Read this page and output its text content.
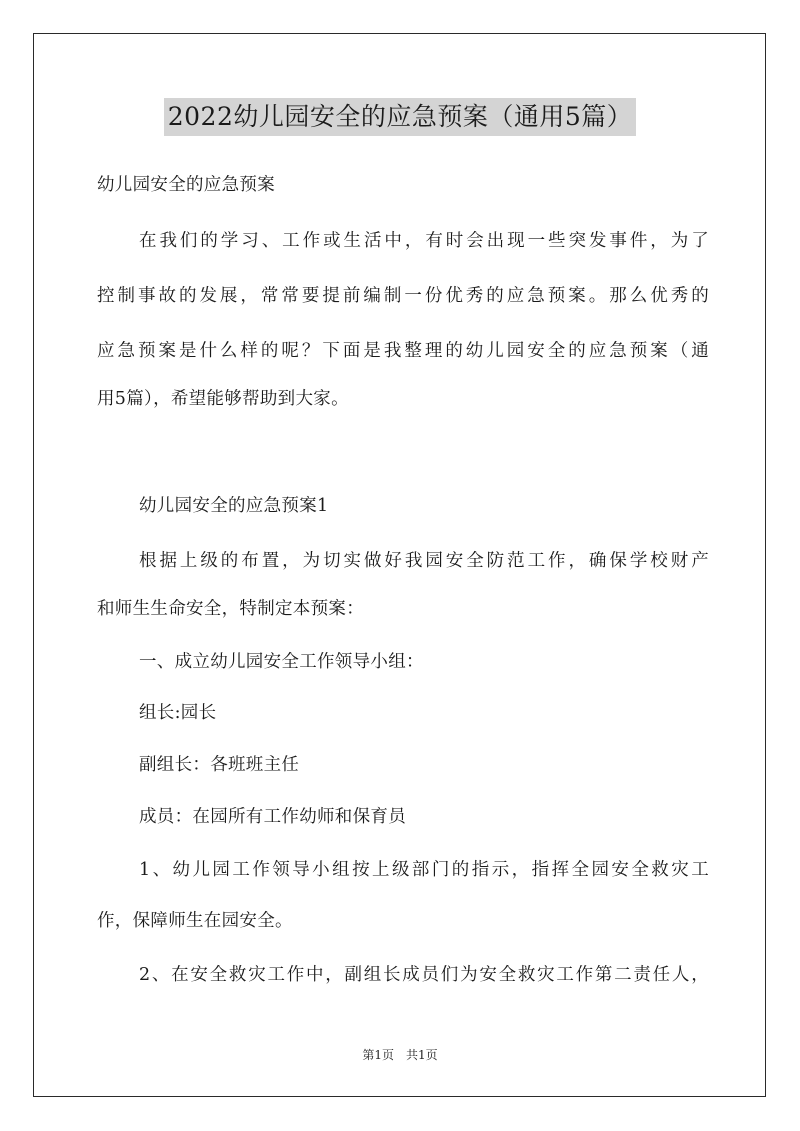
2022幼儿园安全的应急预案（通用5篇）
幼儿园安全的应急预案
在我们的学习、工作或生活中，有时会出现一些突发事件，为了
控制事故的发展，常常要提前编制一份优秀的应急预案。那么优秀的
应急预案是什么样的呢？下面是我整理的幼儿园安全的应急预案（通
用5篇），希望能够帮助到大家。
幼儿园安全的应急预案1
根据上级的布置，为切实做好我园安全防范工作，确保学校财产
和师生生命安全，特制定本预案：
一、成立幼儿园安全工作领导小组：
组长:园长
副组长：各班班主任
成员：在园所有工作幼师和保育员
1、幼儿园工作领导小组按上级部门的指示，指挥全园安全救灾工
作，保障师生在园安全。
2、在安全救灾工作中，副组长成员们为安全救灾工作第二责任人，
第1页　共1页
